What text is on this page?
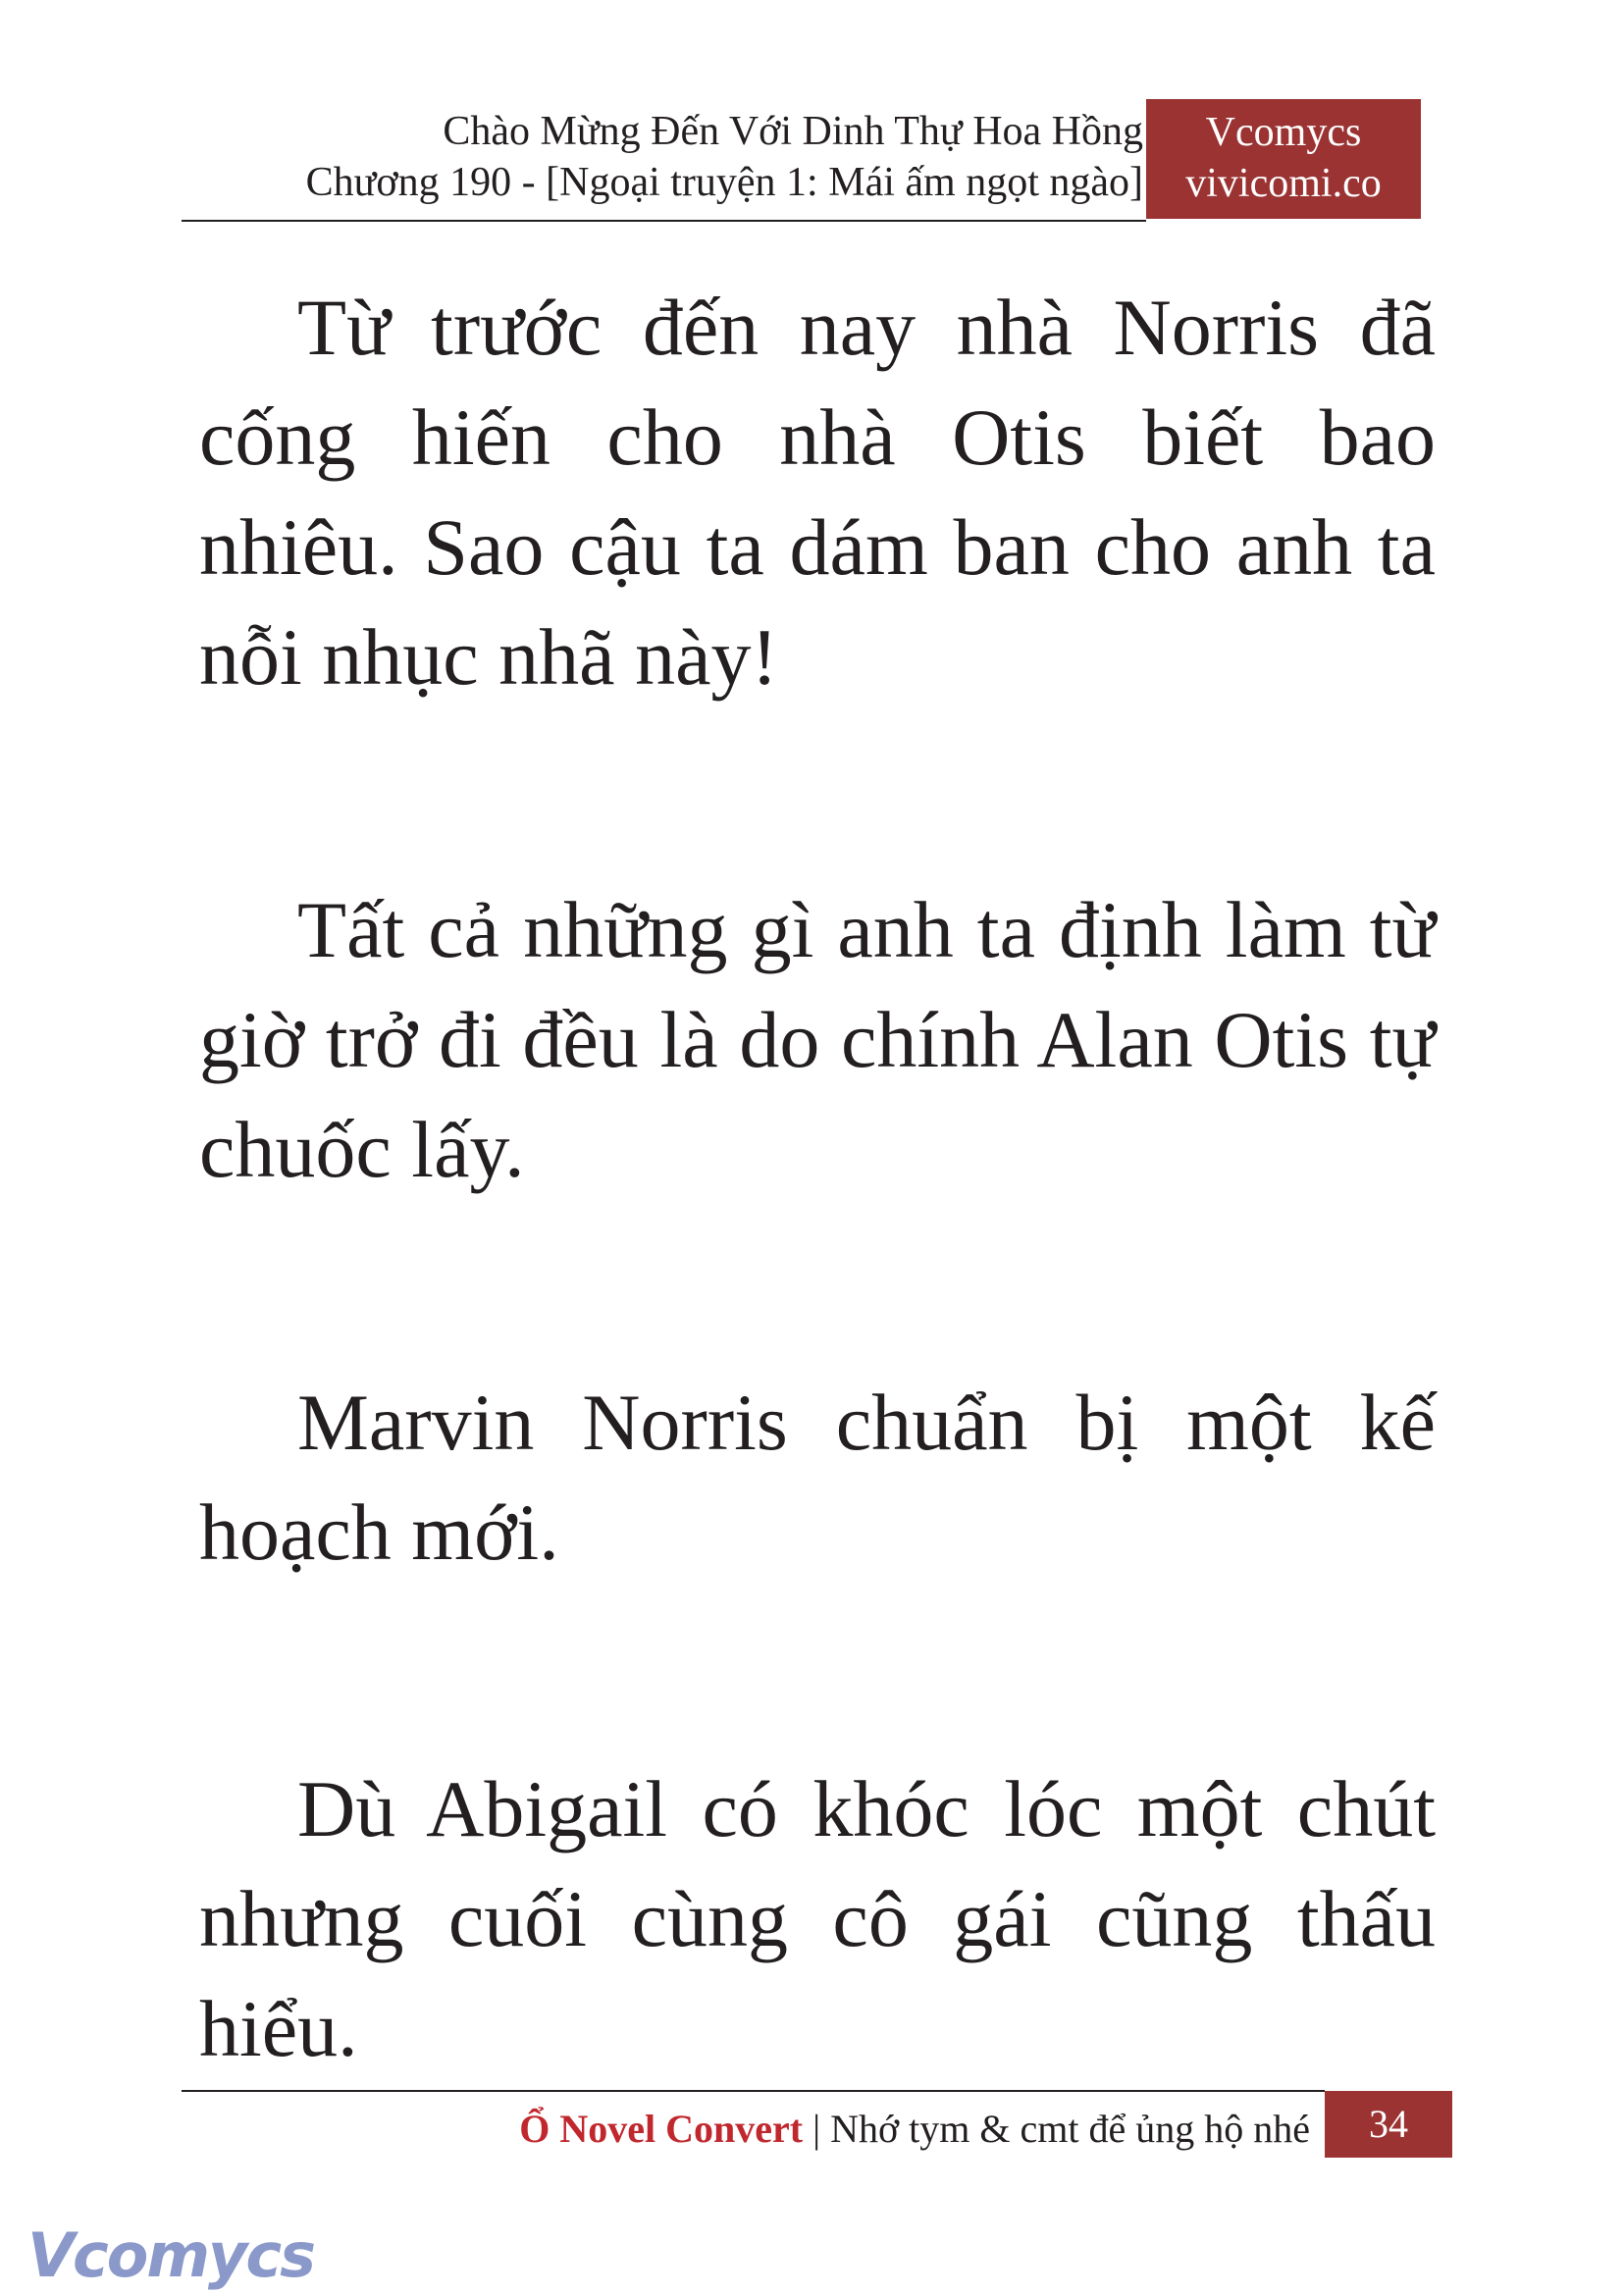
Chào Mừng Đến Với Dinh Thự Hoa Hồng
Chương 190 - [Ngoại truyện 1: Mái ấm ngọt ngào]
Vcomycs
vivicomi.co

Từ trước đến nay nhà Norris đã cống hiến cho nhà Otis biết bao nhiêu. Sao cậu ta dám ban cho anh ta nỗi nhục nhã này!

Tất cả những gì anh ta định làm từ giờ trở đi đều là do chính Alan Otis tự chuốc lấy.

Marvin Norris chuẩn bị một kế hoạch mới.

Dù Abigail có khóc lóc một chút nhưng cuối cùng cô gái cũng thấu hiểu.

Ổ Novel Convert | Nhớ tym & cmt để ủng hộ nhé	34
Vcomycs
